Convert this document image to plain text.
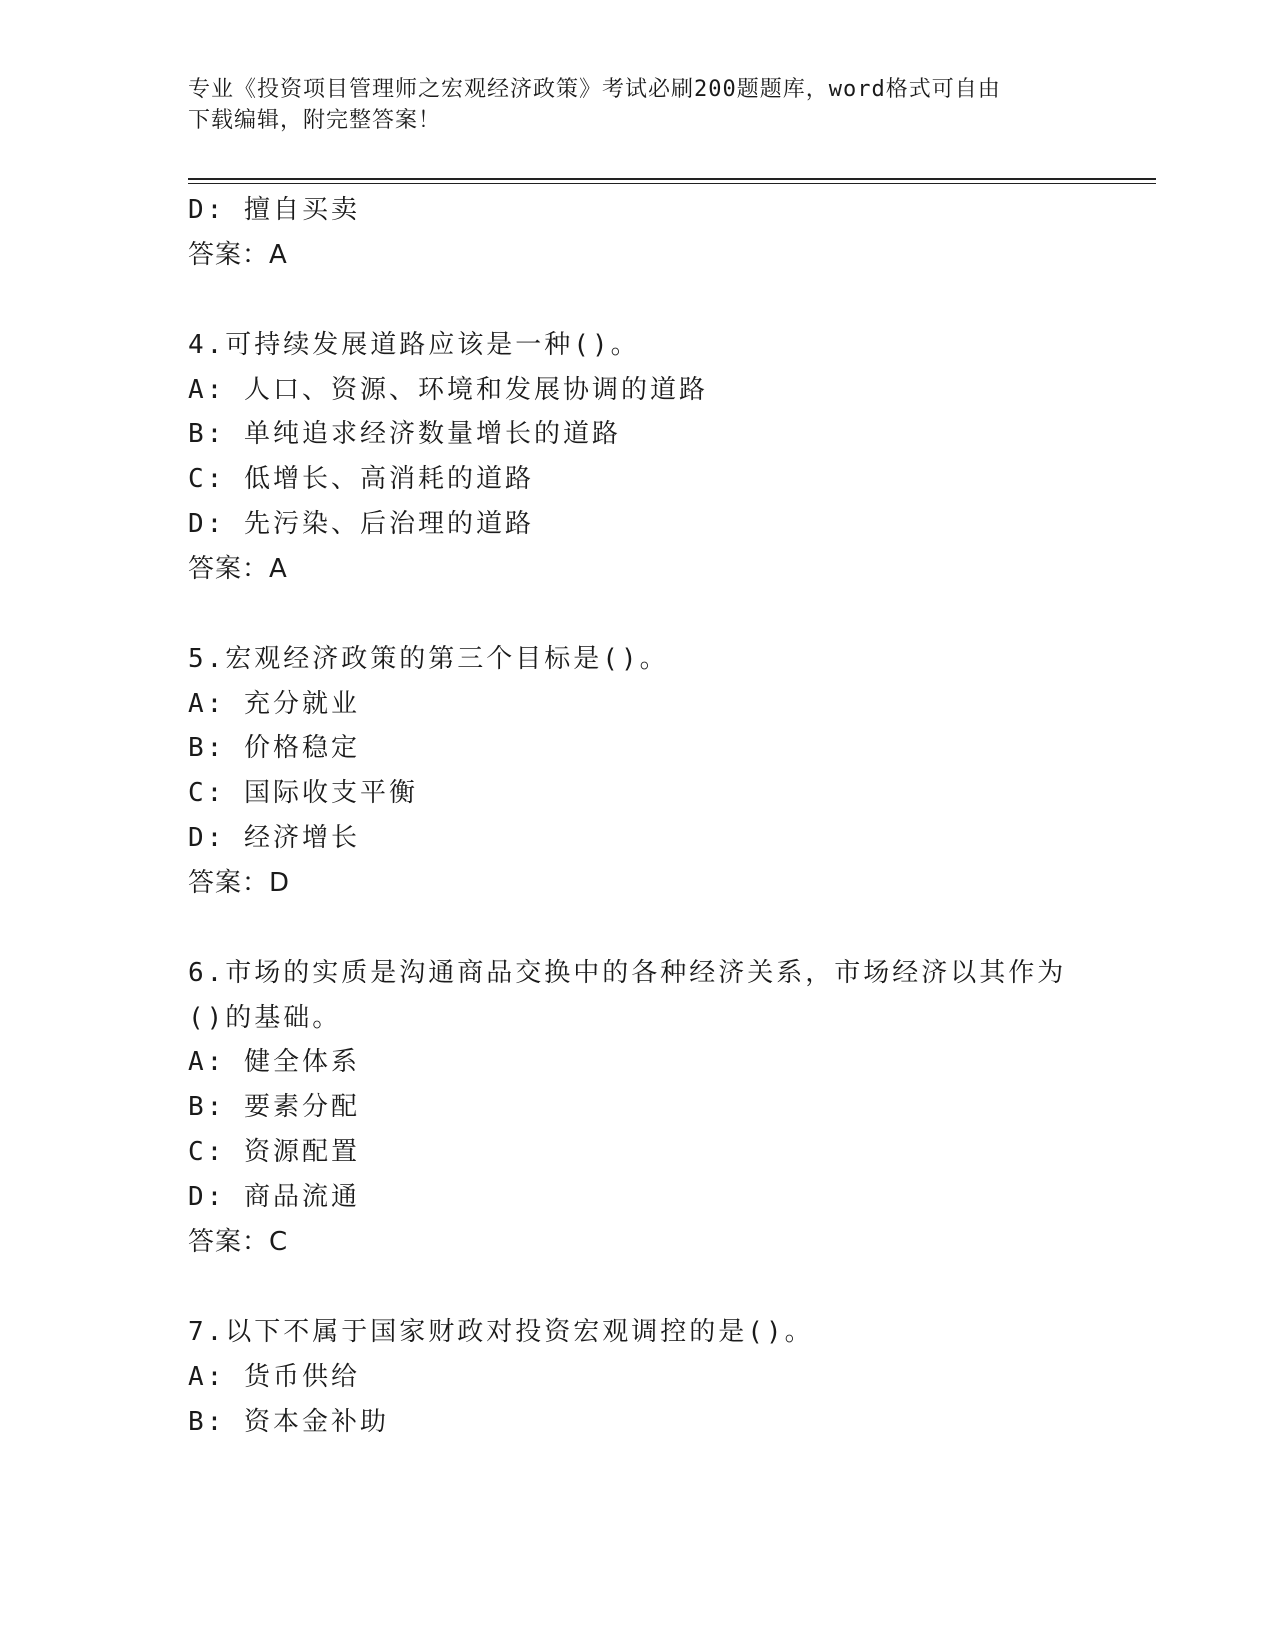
专业《投资项目管理师之宏观经济政策》考试必刷200题题库，word格式可自由
下载编辑，附完整答案！
D: 擅自买卖
答案：A
4.可持续发展道路应该是一种()。
A: 人口、资源、环境和发展协调的道路
B: 单纯追求经济数量增长的道路
C: 低增长、高消耗的道路
D: 先污染、后治理的道路
答案：A
5.宏观经济政策的第三个目标是()。
A: 充分就业
B: 价格稳定
C: 国际收支平衡
D: 经济增长
答案：D
6.市场的实质是沟通商品交换中的各种经济关系，市场经济以其作为
()的基础。
A: 健全体系
B: 要素分配
C: 资源配置
D: 商品流通
答案：C
7.以下不属于国家财政对投资宏观调控的是()。
A: 货币供给
B: 资本金补助
